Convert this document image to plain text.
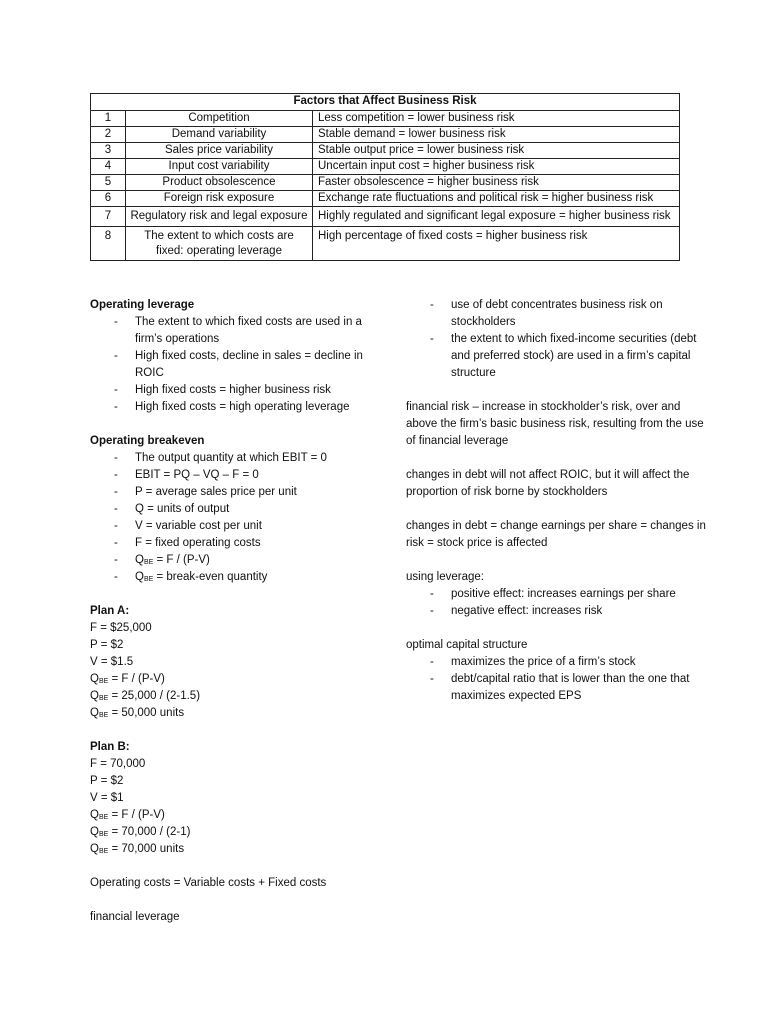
Factors that Affect Business Risk		
1	Competition	Less competition = lower business risk
2	Demand variability	Stable demand = lower business risk
3	Sales price variability	Stable output price = lower business risk
4	Input cost variability	Uncertain input cost = higher business risk
5	Product obsolescence	Faster obsolescence = higher business risk
6	Foreign risk exposure	Exchange rate fluctuations and political risk = higher business risk
7	Regulatory risk and legal exposure	Highly regulated and significant legal exposure = higher business risk
8	The extent to which costs are fixed: operating leverage	High percentage of fixed costs = higher business risk

Operating leverage

- The extent to which fixed costs are used in a firm’s operations
- High fixed costs, decline in sales = decline in ROIC
- High fixed costs = higher business risk
- High fixed costs = high operating leverage

Operating breakeven

- The output quantity at which EBIT = 0
- EBIT = PQ – VQ – F = 0
- P = average sales price per unit
- Q = units of output
- V = variable cost per unit
- F = fixed operating costs
- $Q_{BE} = F / (P-V)$
- $Q_{BE}$ = break-even quantity

Plan A:

F = $25,000

P = $2

V = $1.5

$Q_{BE} = F / (P-V)$

$Q_{BE} = 25,000 / (2-1.5)$

$Q_{BE} = 50,000$ units

Plan B:

F = 70,000

P = $2

V = $1

$Q_{BE} = F / (P-V)$

$Q_{BE} = 70,000 / (2-1)$

$Q_{BE} = 70,000$ units

Operating costs = Variable costs + Fixed costs

financial leverage

- use of debt concentrates business risk on stockholders
- the extent to which fixed-income securities (debt and preferred stock) are used in a firm’s capital structure

financial risk – increase in stockholder’s risk, over and above the firm’s basic business risk, resulting from the use of financial leverage

changes in debt will not affect ROIC, but it will affect the proportion of risk borne by stockholders

changes in debt = change earnings per share = changes in risk = stock price is affected

using leverage:

- positive effect: increases earnings per share
- negative effect: increases risk

optimal capital structure

- maximizes the price of a firm’s stock
- debt/capital ratio that is lower than the one that maximizes expected EPS
